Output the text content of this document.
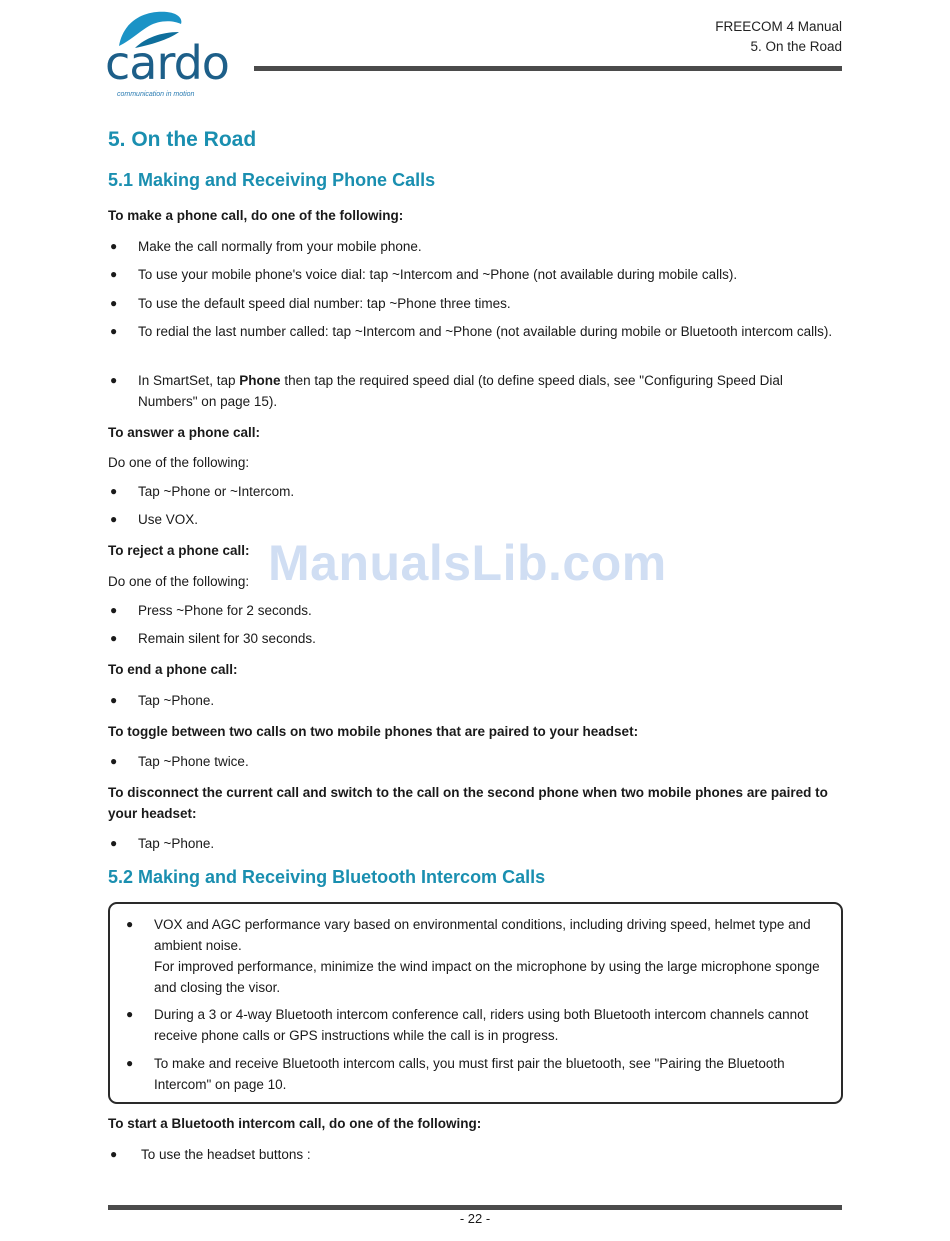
cardo
communication in motion
FREECOM 4 Manual
5. On the Road
5. On the Road
5.1 Making and Receiving Phone Calls

To make a phone call, do one of the following:

● Make the call normally from your mobile phone.
● To use your mobile phone's voice dial: tap ~Intercom and ~Phone (not available during mobile calls).
● To use the default speed dial number: tap ~Phone three times.
● To redial the last number called: tap ~Intercom and ~Phone (not available during mobile or Bluetooth intercom calls).
● In SmartSet, tap Phone then tap the required speed dial (to define speed dials, see "Configuring Speed Dial Numbers" on page 15).

To answer a phone call:

Do one of the following:

● Tap ~Phone or ~Intercom.
● Use VOX.

To reject a phone call:

Do one of the following:

● Press ~Phone for 2 seconds.
● Remain silent for 30 seconds.

To end a phone call:

● Tap ~Phone.

To toggle between two calls on two mobile phones that are paired to your headset:

● Tap ~Phone twice.

To disconnect the current call and switch to the call on the second phone when two mobile phones are paired to your headset:

● Tap ~Phone.
5.2 Making and Receiving Bluetooth Intercom Calls
● VOX and AGC performance vary based on environmental conditions, including driving speed, helmet type and ambient noise.
For improved performance, minimize the wind impact on the microphone by using the large microphone sponge and closing the visor.
● During a 3 or 4-way Bluetooth intercom conference call, riders using both Bluetooth intercom channels cannot receive phone calls or GPS instructions while the call is in progress.
● To make and receive Bluetooth intercom calls, you must first pair the bluetooth, see "Pairing the Bluetooth Intercom" on page 10.

To start a Bluetooth intercom call, do one of the following:

● To use the headset buttons :
ManualsLib.com
- 22 -
